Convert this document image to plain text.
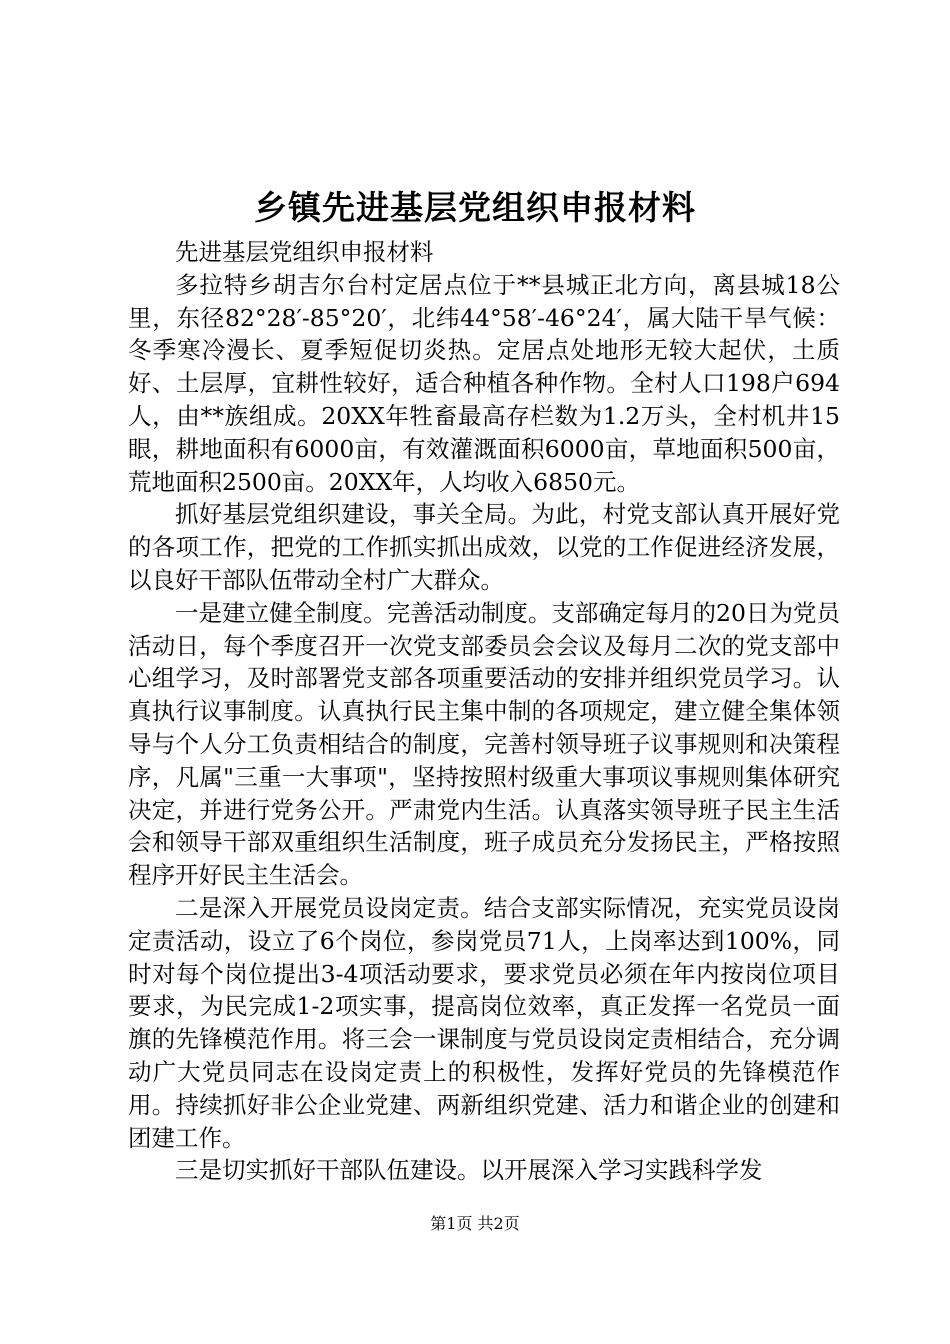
乡镇先进基层党组织申报材料

先进基层党组织申报材料

多拉特乡胡吉尔台村定居点位于**县城正北方向，离县城18公里，东径82°28′-85°20′，北纬44°58′-46°24′，属大陆干旱气候：冬季寒冷漫长、夏季短促切炎热。定居点处地形无较大起伏，土质好、土层厚，宜耕性较好，适合种植各种作物。全村人口198户694人，由**族组成。20XX年牲畜最高存栏数为1.2万头，全村机井15眼，耕地面积有6000亩，有效灌溉面积6000亩，草地面积500亩，荒地面积2500亩。20XX年，人均收入6850元。

抓好基层党组织建设，事关全局。为此，村党支部认真开展好党的各项工作，把党的工作抓实抓出成效，以党的工作促进经济发展，以良好干部队伍带动全村广大群众。

一是建立健全制度。完善活动制度。支部确定每月的20日为党员活动日，每个季度召开一次党支部委员会会议及每月二次的党支部中心组学习，及时部署党支部各项重要活动的安排并组织党员学习。认真执行议事制度。认真执行民主集中制的各项规定，建立健全集体领导与个人分工负责相结合的制度，完善村领导班子议事规则和决策程序，凡属"三重一大事项"，坚持按照村级重大事项议事规则集体研究决定，并进行党务公开。严肃党内生活。认真落实领导班子民主生活会和领导干部双重组织生活制度，班子成员充分发扬民主，严格按照程序开好民主生活会。

二是深入开展党员设岗定责。结合支部实际情况，充实党员设岗定责活动，设立了6个岗位，参岗党员71人，上岗率达到100%，同时对每个岗位提出3-4项活动要求，要求党员必须在年内按岗位项目要求，为民完成1-2项实事，提高岗位效率，真正发挥一名党员一面旗的先锋模范作用。将三会一课制度与党员设岗定责相结合，充分调动广大党员同志在设岗定责上的积极性，发挥好党员的先锋模范作用。持续抓好非公企业党建、两新组织党建、活力和谐企业的创建和团建工作。

三是切实抓好干部队伍建设。以开展深入学习实践科学发

第1页 共2页
